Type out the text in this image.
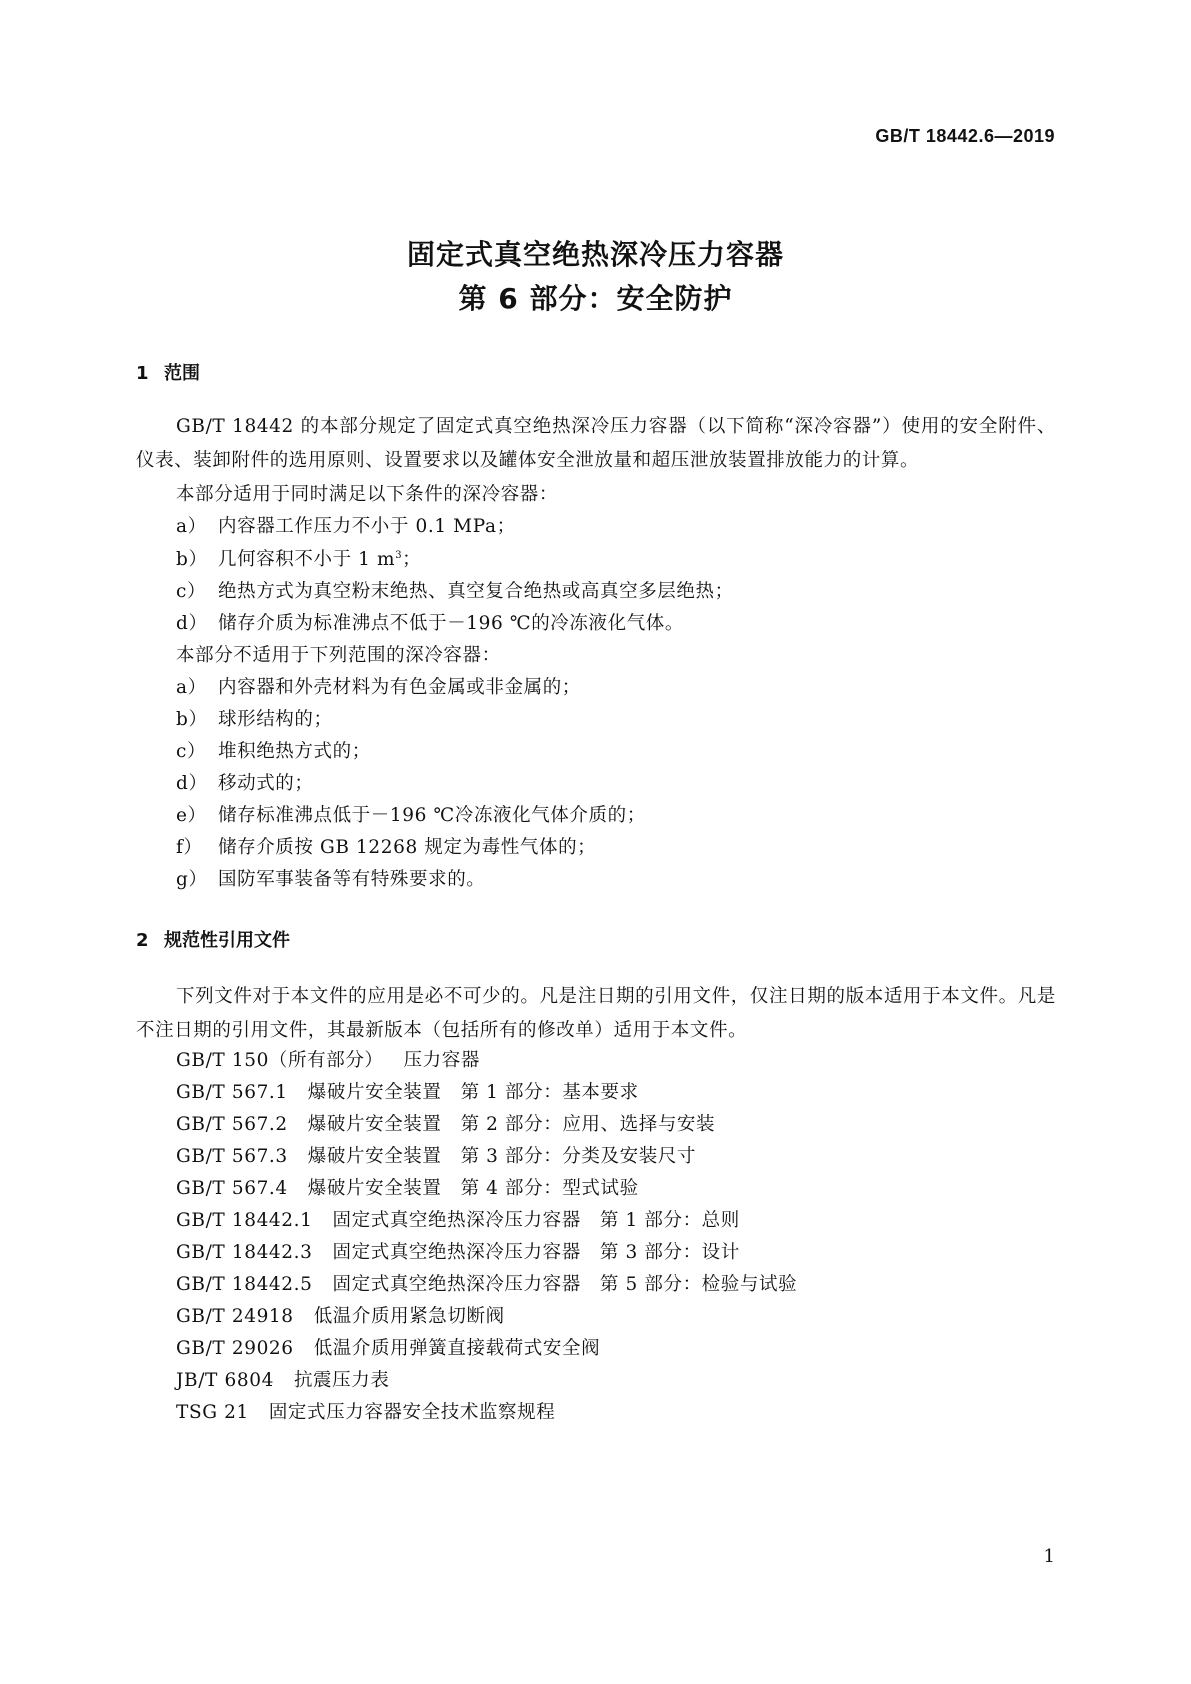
GB/T 18442.6—2019
固定式真空绝热深冷压力容器
第 6 部分：安全防护
1 范围

GB/T 18442 的本部分规定了固定式真空绝热深冷压力容器（以下简称“深冷容器”）使用的安全附件、仪表、装卸附件的选用原则、设置要求以及罐体安全泄放量和超压泄放装置排放能力的计算。

本部分适用于同时满足以下条件的深冷容器：
a） 内容器工作压力不小于 0.1 MPa；
b） 几何容积不小于 1 $m^3$；
c） 绝热方式为真空粉末绝热、真空复合绝热或高真空多层绝热；
d） 储存介质为标准沸点不低于－196 ℃的冷冻液化气体。
本部分不适用于下列范围的深冷容器：
a） 内容器和外壳材料为有色金属或非金属的；
b） 球形结构的；
c） 堆积绝热方式的；
d） 移动式的；
e） 储存标准沸点低于－196 ℃冷冻液化气体介质的；
f） 储存介质按 GB 12268 规定为毒性气体的；
g） 国防军事装备等有特殊要求的。
2 规范性引用文件

下列文件对于本文件的应用是必不可少的。凡是注日期的引用文件，仅注日期的版本适用于本文件。凡是不注日期的引用文件，其最新版本（包括所有的修改单）适用于本文件。

GB/T 150（所有部分） 压力容器
GB/T 567.1 爆破片安全装置　第 1 部分：基本要求
GB/T 567.2 爆破片安全装置　第 2 部分：应用、选择与安装
GB/T 567.3 爆破片安全装置　第 3 部分：分类及安装尺寸
GB/T 567.4 爆破片安全装置　第 4 部分：型式试验
GB/T 18442.1 固定式真空绝热深冷压力容器　第 1 部分：总则
GB/T 18442.3 固定式真空绝热深冷压力容器　第 3 部分：设计
GB/T 18442.5 固定式真空绝热深冷压力容器　第 5 部分：检验与试验
GB/T 24918 低温介质用紧急切断阀
GB/T 29026 低温介质用弹簧直接载荷式安全阀
JB/T 6804 抗震压力表
TSG 21 固定式压力容器安全技术监察规程
1
